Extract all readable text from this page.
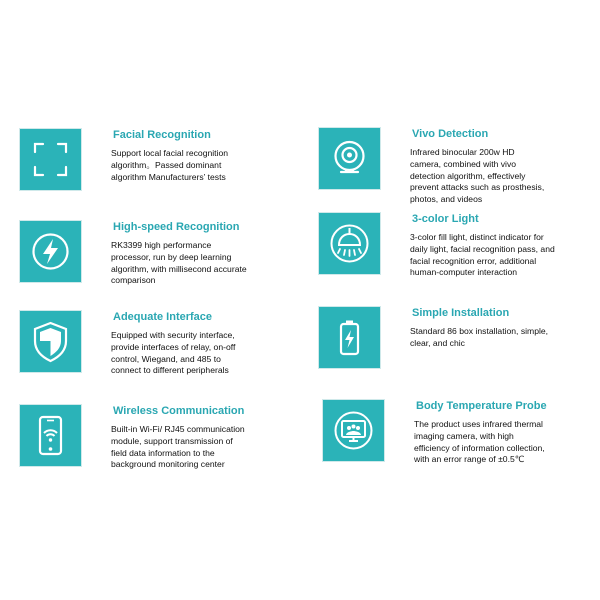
Facial Recognition
Support local facial recognition
algorithm。Passed dominant
algorithm Manufacturers’ tests
High-speed Recognition
RK3399 high performance
processor, run by deep learning
algorithm, with millisecond accurate
comparison
Adequate Interface
Equipped with security interface,
provide interfaces of relay, on-off
control, Wiegand, and 485 to
connect to different peripherals
Wireless Communication
Built-in Wi-Fi/ RJ45 communication
module, support transmission of
field data information to the
background monitoring center
Vivo Detection
Infrared binocular 200w HD
camera, combined with vivo
detection algorithm, effectively
prevent attacks such as prosthesis,
photos, and videos
3-color Light
3-color fill light, distinct indicator for
daily light, facial recognition pass, and
facial recognition error, additional
human-computer interaction
Simple Installation
Standard 86 box installation, simple,
clear, and chic
Body Temperature Probe
The product uses infrared thermal
imaging camera, with high
efficiency of information collection,
with an error range of ±0.5℃
